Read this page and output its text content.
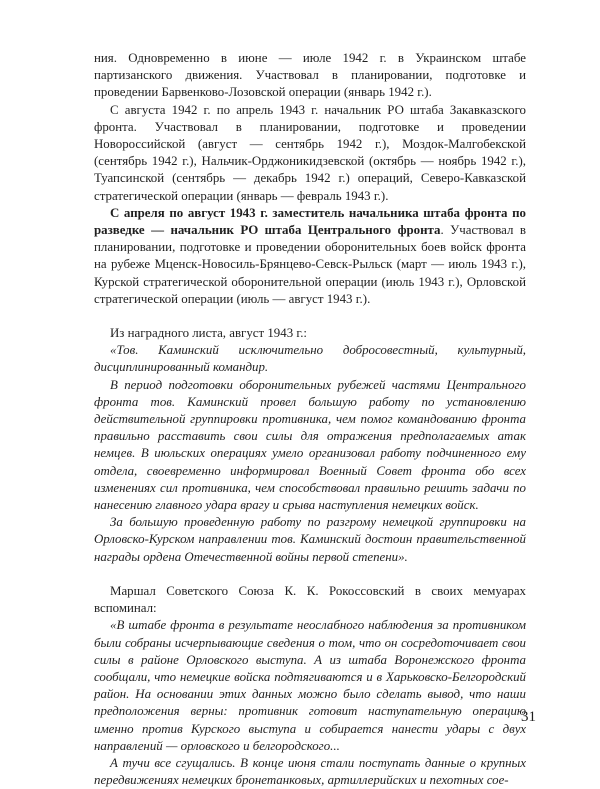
ния. Одновременно в июне — июле 1942 г. в Украинском штабе партизанского движения. Участвовал в планировании, подготовке и проведении Барвенково-Лозовской операции (январь 1942 г.).

С августа 1942 г. по апрель 1943 г. начальник РО штаба Закавказского фронта. Участвовал в планировании, подготовке и проведении Новороссийской (август — сентябрь 1942 г.), Моздок-Малгобекской (сентябрь 1942 г.), Нальчик-Орджоникидзевской (октябрь — ноябрь 1942 г.), Туапсинской (сентябрь — декабрь 1942 г.) операций, Северо-Кавказской стратегической операции (январь — февраль 1943 г.).

С апреля по август 1943 г. заместитель начальника штаба фронта по разведке — начальник РО штаба Центрального фронта. Участвовал в планировании, подготовке и проведении оборонительных боев войск фронта на рубеже Мценск-Новосиль-Брянцево-Севск-Рыльск (март — июль 1943 г.), Курской стратегической оборонительной операции (июль 1943 г.), Орловской стратегической операции (июль — август 1943 г.).

Из наградного листа, август 1943 г.:

«Тов. Каминский исключительно добросовестный, культурный, дисциплинированный командир.

В период подготовки оборонительных рубежей частями Центрального фронта тов. Каминский провел большую работу по установлению действительной группировки противника, чем помог командованию фронта правильно расставить свои силы для отражения предполагаемых атак немцев. В июльских операциях умело организовал работу подчиненного ему отдела, своевременно информировал Военный Совет фронта обо всех изменениях сил противника, чем способствовал правильно решить задачи по нанесению главного удара врагу и срыва наступления немецких войск.

За большую проведенную работу по разгрому немецкой группировки на Орловско-Курском направлении тов. Каминский достоин правительственной награды ордена Отечественной войны первой степени».

Маршал Советского Союза К. К. Рокоссовский в своих мемуарах вспоминал:

«В штабе фронта в результате неослабного наблюдения за противником были собраны исчерпывающие сведения о том, что он сосредоточивает свои силы в районе Орловского выступа. А из штаба Воронежского фронта сообщали, что немецкие войска подтягиваются и в Харьковско-Белгородский район. На основании этих данных можно было сделать вывод, что наши предположения верны: противник готовит наступательную операцию именно против Курского выступа и собирается нанести удары с двух направлений — орловского и белгородского...

А тучи все сгущались. В конце июня стали поступать данные о крупных передвижениях немецких бронетанковых, артиллерийских и пехотных сое-

31
